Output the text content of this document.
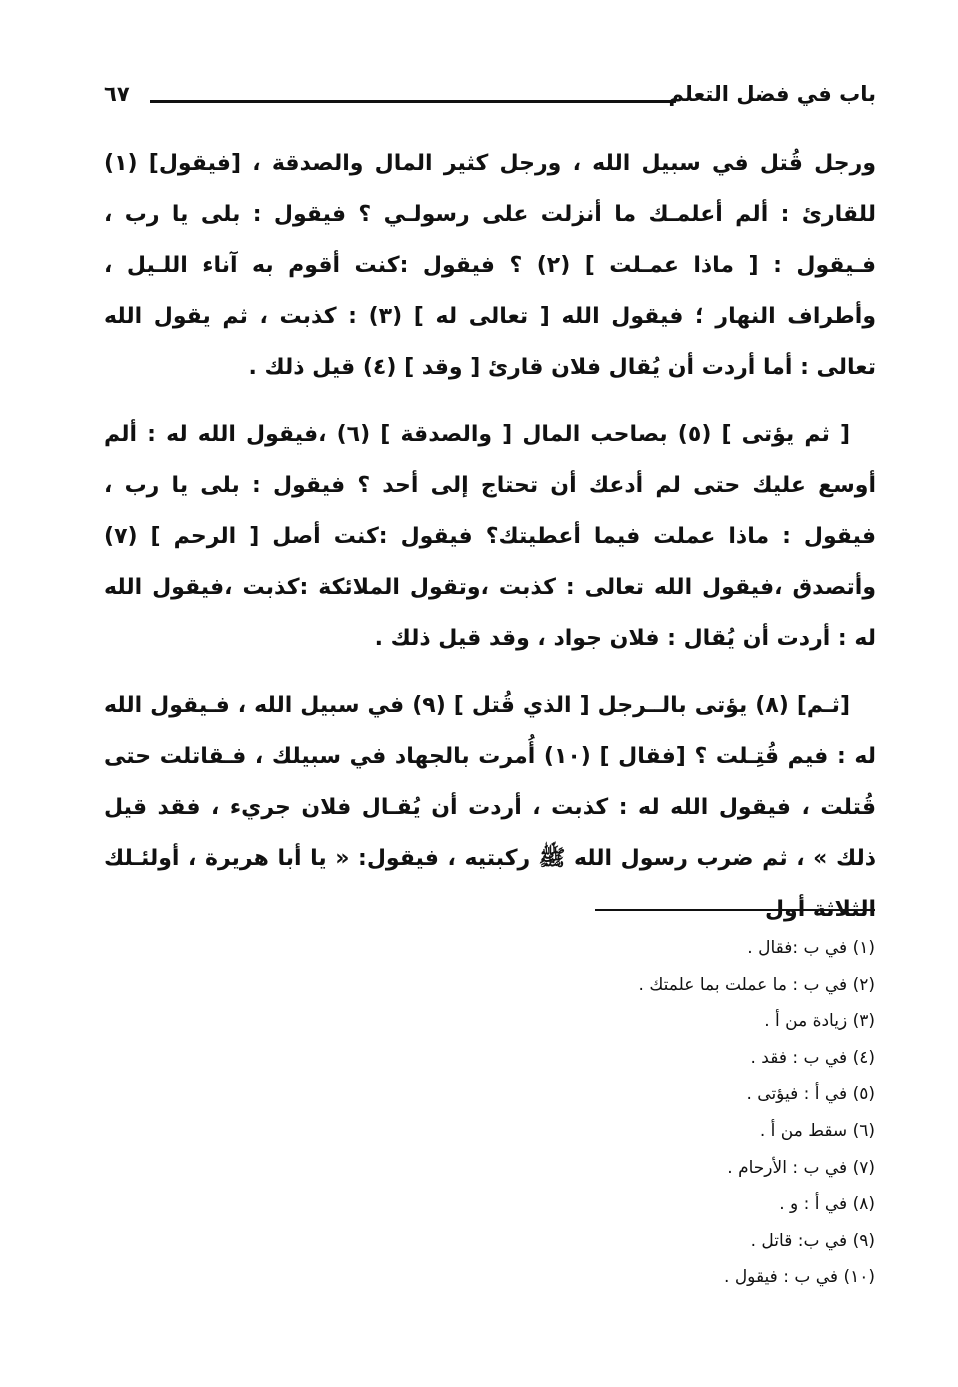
باب في فضل التعلم
٦٧

ورجل قُتل في سبيل الله ، ورجل كثير المال والصدقة ، [فيقول] (١) للقارئ : ألم أعلمـك ما أنزلت على رسولـي ؟ فيقول : بلى يا رب ، فـيقول : [ ماذا عمـلت ] (٢) ؟ فيقول :كنت أقوم به آناء اللـيل ، وأطراف النهار ؛ فيقول الله [ تعالى له ] (٣) : كذبت ، ثم يقول الله تعالى : أما أردت أن يُقال فلان قارئ [ وقد ] (٤) قيل ذلك .

[ ثم يؤتى ] (٥) بصاحب المال [ والصدقة ] (٦) ،فيقول الله له : ألم أوسع عليك حتى لم أدعك أن تحتاج إلى أحد ؟ فيقول : بلى يا رب ، فيقول : ماذا عملت فيما أعطيتك؟ فيقول :كنت أصل [ الرحم ] (٧) وأتصدق ،فيقول الله تعالى : كذبت ،وتقول الملائكة :كذبت ،فيقول الله له : أردت أن يُقال : فلان جواد ، وقد قيل ذلك .

[ثـم] (٨) يؤتى بالــرجل [ الذي قُتل ] (٩) في سبيل الله ، فـيقول الله له : فيم قُتِـلت ؟ [فقال ] (١٠) أُمرت بالجهاد في سبيلك ، فـقاتلت حتى قُتلت ، فيقول الله له : كذبت ، أردت أن يُقـال فلان جريء ، فقد قيل ذلك » ، ثم ضرب رسول الله ﷺ ركبتيه ، فيقول: « يا أبا هريرة ، أولئـلك الثلاثة أول

(١) في ب :فقال .
(٢) في ب : ما عملت بما علمتك .
(٣) زيادة من أ .
(٤) في ب : فقد .
(٥) في أ : فيؤتى .
(٦) سقط من أ .
(٧) في ب : الأرحام .
(٨) في أ : و .
(٩) في ب: قاتل .
(١٠) في ب : فيقول .
